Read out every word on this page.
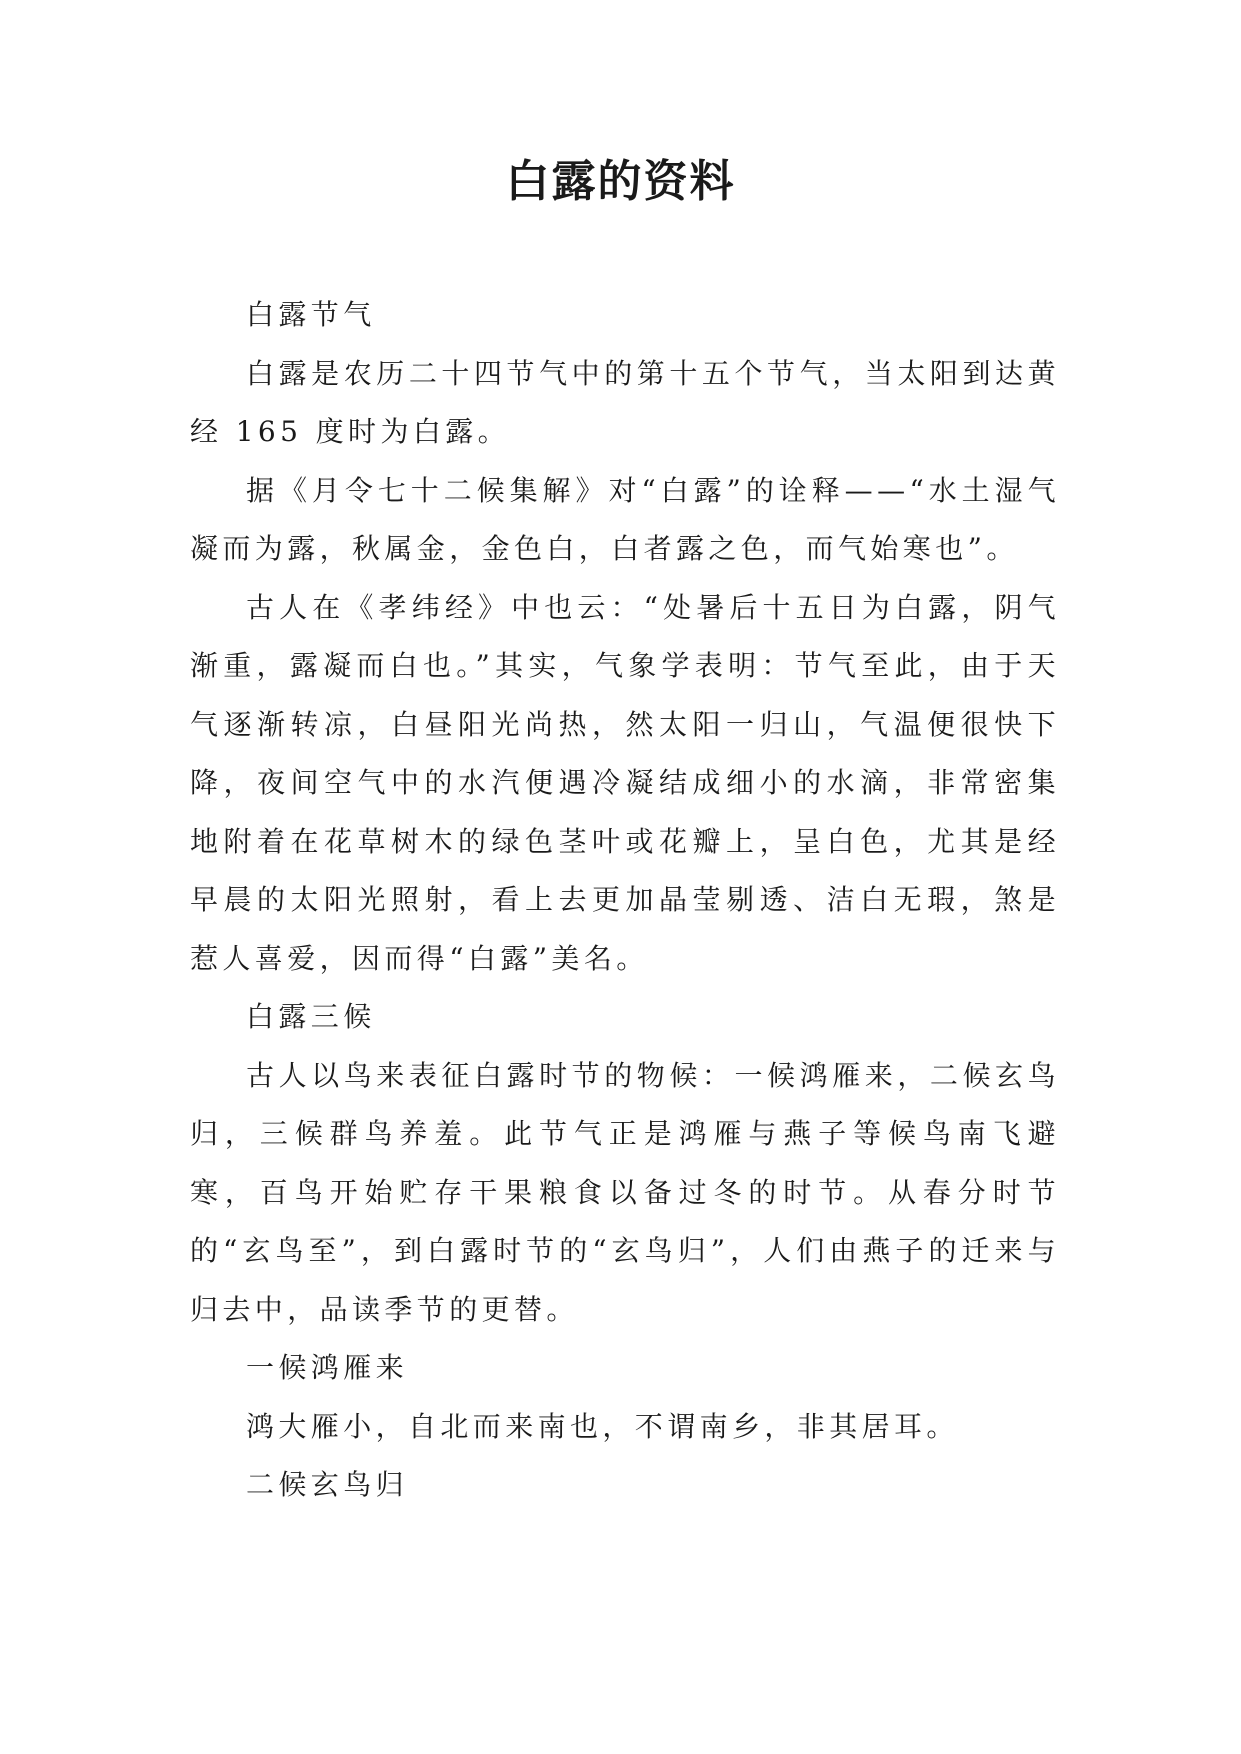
白露的资料

白露节气

白露是农历二十四节气中的第十五个节气，当太阳到达黄经 165 度时为白露。

据《月令七十二候集解》对“白露”的诠释——“水土湿气凝而为露，秋属金，金色白，白者露之色，而气始寒也”。

古人在《孝纬经》中也云：“处暑后十五日为白露，阴气渐重，露凝而白也。”其实，气象学表明：节气至此，由于天气逐渐转凉，白昼阳光尚热，然太阳一归山，气温便很快下降，夜间空气中的水汽便遇冷凝结成细小的水滴，非常密集地附着在花草树木的绿色茎叶或花瓣上，呈白色，尤其是经早晨的太阳光照射，看上去更加晶莹剔透、洁白无瑕，煞是惹人喜爱，因而得“白露”美名。

白露三候

古人以鸟来表征白露时节的物候：一候鸿雁来，二候玄鸟归，三候群鸟养羞。此节气正是鸿雁与燕子等候鸟南飞避寒，百鸟开始贮存干果粮食以备过冬的时节。从春分时节的“玄鸟至”，到白露时节的“玄鸟归”，人们由燕子的迁来与归去中，品读季节的更替。

一候鸿雁来

鸿大雁小，自北而来南也，不谓南乡，非其居耳。

二候玄鸟归
